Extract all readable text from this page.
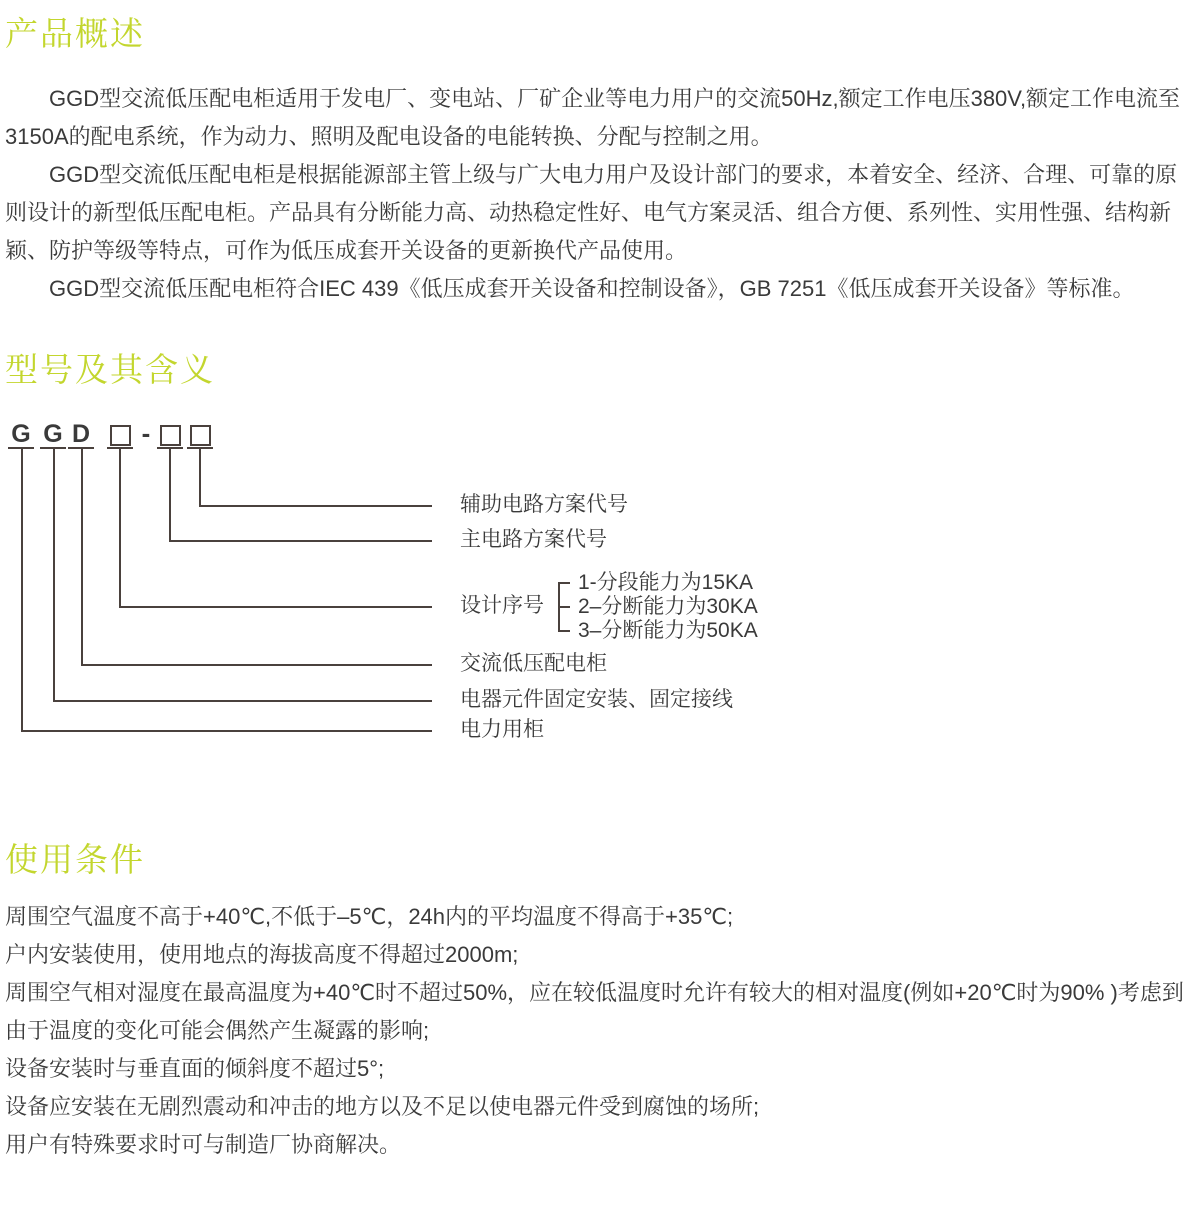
产品概述

GGD型交流低压配电柜适用于发电厂、变电站、厂矿企业等电力用户的交流50Hz,额定工作电压380V,额定工作电流至3150A的配电系统，作为动力、照明及配电设备的电能转换、分配与控制之用。

GGD型交流低压配电柜是根据能源部主管上级与广大电力用户及设计部门的要求，本着安全、经济、合理、可靠的原则设计的新型低压配电柜。产品具有分断能力高、动热稳定性好、电气方案灵活、组合方便、系列性、实用性强、结构新颖、防护等级等特点，可作为低压成套开关设备的更新换代产品使用。

GGD型交流低压配电柜符合IEC 439《低压成套开关设备和控制设备》，GB 7251《低压成套开关设备》等标准。

型号及其含义
G G D -
辅助电路方案代号
主电路方案代号
设计序号
交流低压配电柜
电器元件固定安装、固定接线
电力用柜
1-分段能力为15KA
2–分断能力为30KA
3–分断能力为50KA
使用条件

周围空气温度不高于+40℃,不低于–5℃，24h内的平均温度不得高于+35℃;

户内安装使用，使用地点的海拔高度不得超过2000m;

周围空气相对湿度在最高温度为+40℃时不超过50%，应在较低温度时允许有较大的相对温度(例如+20℃时为90% )考虑到由于温度的变化可能会偶然产生凝露的影响;

设备安装时与垂直面的倾斜度不超过5°;

设备应安装在无剧烈震动和冲击的地方以及不足以使电器元件受到腐蚀的场所;

用户有特殊要求时可与制造厂协商解决。
